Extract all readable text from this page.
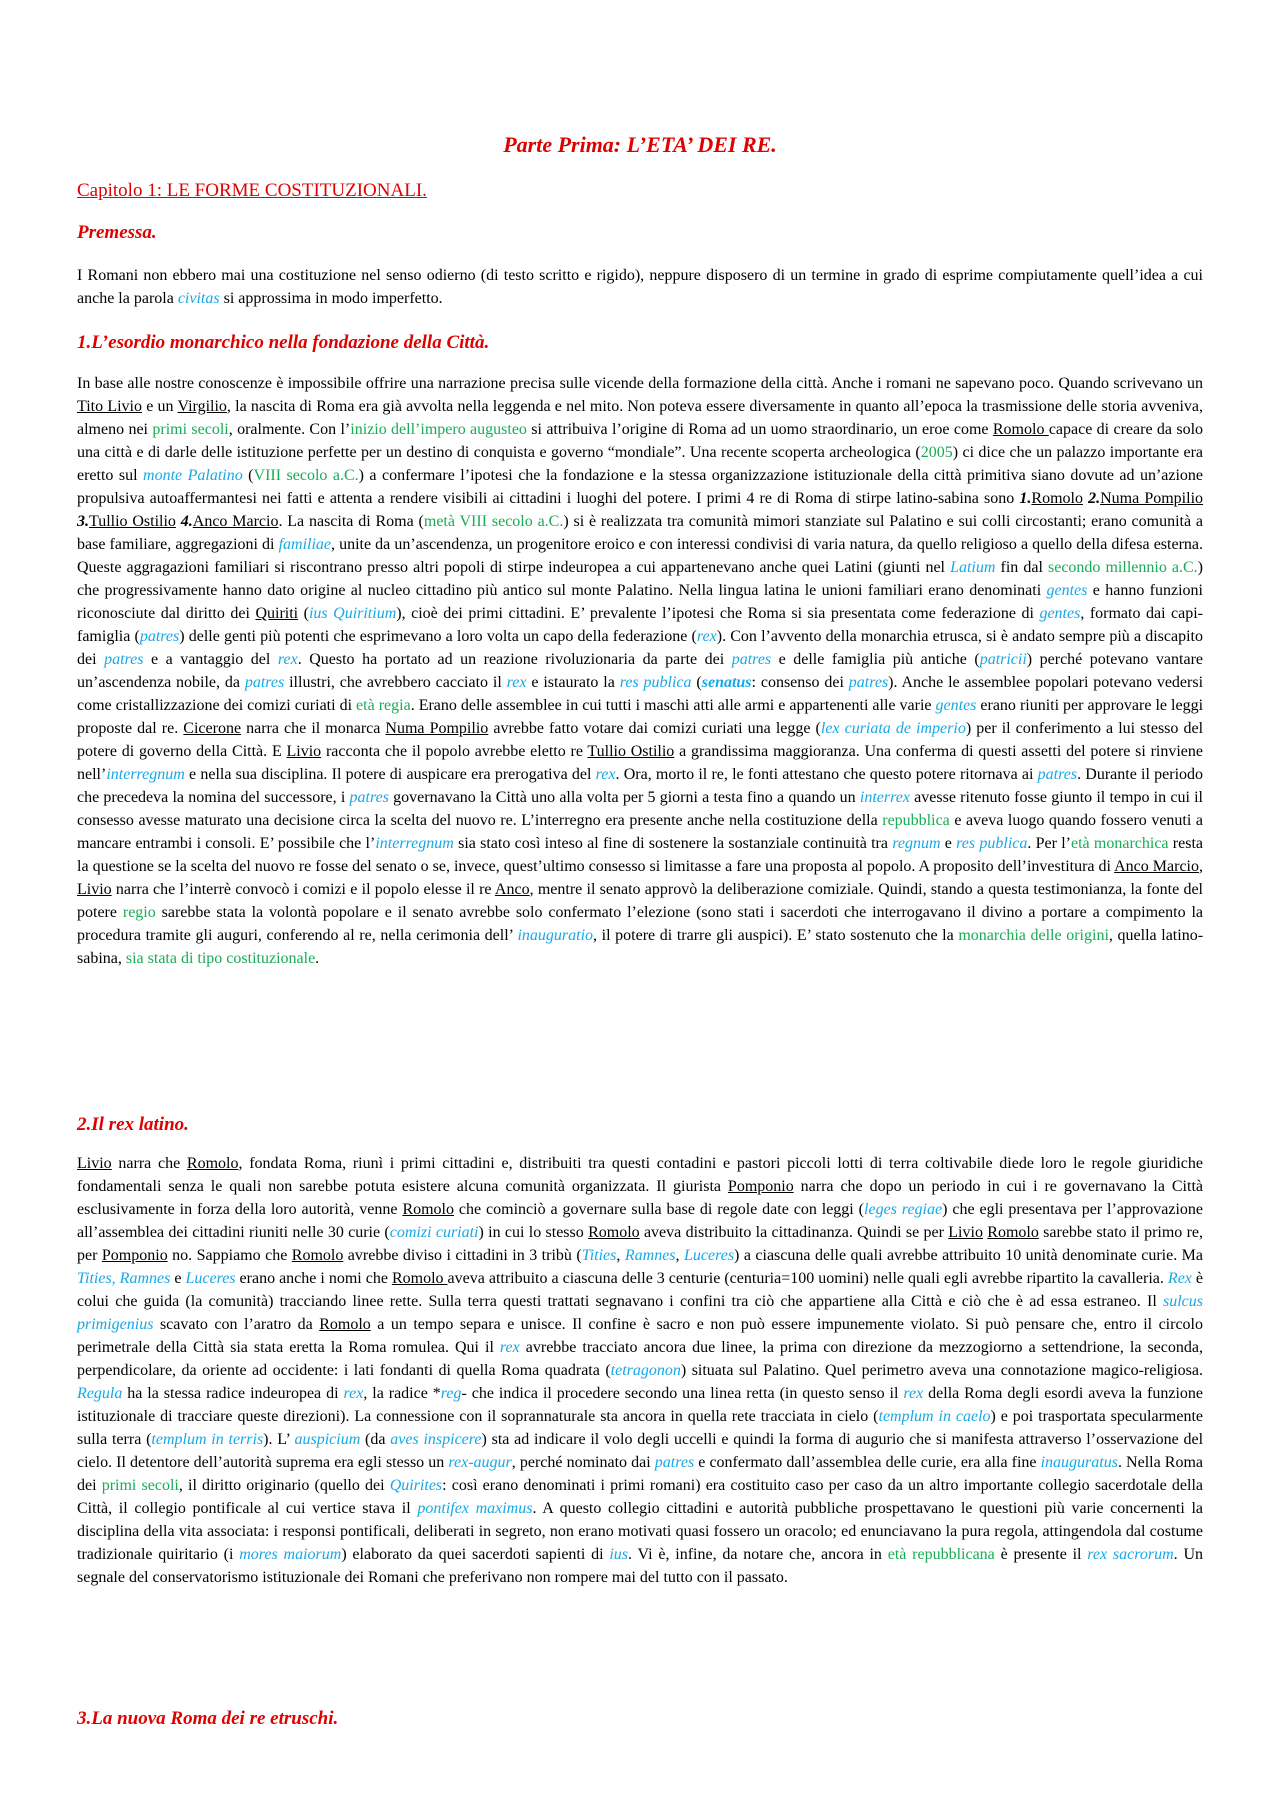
Parte Prima: L’ETA’ DEI RE.
Capitolo 1: LE FORME COSTITUZIONALI.
Premessa.
I Romani non ebbero mai una costituzione nel senso odierno (di testo scritto e rigido), neppure disposero di un termine in grado di esprime compiutamente quell’idea a cui anche la parola civitas si approssima in modo imperfetto.
1.L’esordio monarchico nella fondazione della Città.
In base alle nostre conoscenze è impossibile offrire una narrazione precisa sulle vicende della formazione della città. Anche i romani ne sapevano poco. Quando scrivevano un Tito Livio e un Virgilio, la nascita di Roma era già avvolta nella leggenda e nel mito. Non poteva essere diversamente in quanto all’epoca la trasmissione delle storia avveniva, almeno nei primi secoli, oralmente. Con l’inizio dell’impero augusteo si attribuiva l’origine di Roma ad un uomo straordinario, un eroe come Romolo capace di creare da solo una città e di darle delle istituzione perfette per un destino di conquista e governo “mondiale”. Una recente scoperta archeologica (2005) ci dice che un palazzo importante era eretto sul monte Palatino (VIII secolo a.C.) a confermare l’ipotesi che la fondazione e la stessa organizzazione istituzionale della città primitiva siano dovute ad un’azione propulsiva autoaffermantesi nei fatti e attenta a rendere visibili ai cittadini i luoghi del potere. I primi 4 re di Roma di stirpe latino-sabina sono 1.Romolo 2.Numa Pompilio 3.Tullio Ostilio 4.Anco Marcio. La nascita di Roma (metà VIII secolo a.C.) si è realizzata tra comunità mimori stanziate sul Palatino e sui colli circostanti; erano comunità a base familiare, aggregazioni di familiae, unite da un’ascendenza, un progenitore eroico e con interessi condivisi di varia natura, da quello religioso a quello della difesa esterna. Queste aggragazioni familiari si riscontrano presso altri popoli di stirpe indeuropea a cui appartenevano anche quei Latini (giunti nel Latium fin dal secondo millennio a.C.) che progressivamente hanno dato origine al nucleo cittadino più antico sul monte Palatino. Nella lingua latina le unioni familiari erano denominati gentes e hanno funzioni riconosciute dal diritto dei Quiriti (ius Quiritium), cioè dei primi cittadini. E’ prevalente l’ipotesi che Roma si sia presentata come federazione di gentes, formato dai capi-famiglia (patres) delle genti più potenti che esprimevano a loro volta un capo della federazione (rex). Con l’avvento della monarchia etrusca, si è andato sempre più a discapito dei patres e a vantaggio del rex. Questo ha portato ad un reazione rivoluzionaria da parte dei patres e delle famiglia più antiche (patricii) perché potevano vantare un’ascendenza nobile, da patres illustri, che avrebbero cacciato il rex e istaurato la res publica (senatus: consenso dei patres). Anche le assemblee popolari potevano vedersi come cristallizzazione dei comizi curiati di età regia. Erano delle assemblee in cui tutti i maschi atti alle armi e appartenenti alle varie gentes erano riuniti per approvare le leggi proposte dal re. Cicerone narra che il monarca Numa Pompilio avrebbe fatto votare dai comizi curiati una legge (lex curiata de imperio) per il conferimento a lui stesso del potere di governo della Città. E Livio racconta che il popolo avrebbe eletto re Tullio Ostilio a grandissima maggioranza. Una conferma di questi assetti del potere si rinviene nell’interregnum e nella sua disciplina. Il potere di auspicare era prerogativa del rex. Ora, morto il re, le fonti attestano che questo potere ritornava ai patres. Durante il periodo che precedeva la nomina del successore, i patres governavano la Città uno alla volta per 5 giorni a testa fino a quando un interrex avesse ritenuto fosse giunto il tempo in cui il consesso avesse maturato una decisione circa la scelta del nuovo re. L’interregno era presente anche nella costituzione della repubblica e aveva luogo quando fossero venuti a mancare entrambi i consoli. E’ possibile che l’interregnum sia stato così inteso al fine di sostenere la sostanziale continuità tra regnum e res publica. Per l’età monarchica resta la questione se la scelta del nuovo re fosse del senato o se, invece, quest’ultimo consesso si limitasse a fare una proposta al popolo. A proposito dell’investitura di Anco Marcio, Livio narra che l’interrè convocò i comizi e il popolo elesse il re Anco, mentre il senato approvò la deliberazione comiziale. Quindi, stando a questa testimonianza, la fonte del potere regio sarebbe stata la volontà popolare e il senato avrebbe solo confermato l’elezione (sono stati i sacerdoti che interrogavano il divino a portare a compimento la procedura tramite gli auguri, conferendo al re, nella cerimonia dell’ inauguratio, il potere di trarre gli auspici). E’ stato sostenuto che la monarchia delle origini, quella latino-sabina, sia stata di tipo costituzionale.
2.Il rex latino.
Livio narra che Romolo, fondata Roma, riunì i primi cittadini e, distribuiti tra questi contadini e pastori piccoli lotti di terra coltivabile diede loro le regole giuridiche fondamentali senza le quali non sarebbe potuta esistere alcuna comunità organizzata. Il giurista Pomponio narra che dopo un periodo in cui i re governavano la Città esclusivamente in forza della loro autorità, venne Romolo che cominciò a governare sulla base di regole date con leggi (leges regiae) che egli presentava per l’approvazione all’assemblea dei cittadini riuniti nelle 30 curie (comizi curiati) in cui lo stesso Romolo aveva distribuito la cittadinanza. Quindi se per Livio Romolo sarebbe stato il primo re, per Pomponio no. Sappiamo che Romolo avrebbe diviso i cittadini in 3 tribù (Tities, Ramnes, Luceres) a ciascuna delle quali avrebbe attribuito 10 unità denominate curie. Ma Tities, Ramnes e Luceres erano anche i nomi che Romolo aveva attribuito a ciascuna delle 3 centurie (centuria=100 uomini) nelle quali egli avrebbe ripartito la cavalleria. Rex è colui che guida (la comunità) tracciando linee rette. Sulla terra questi trattati segnavano i confini tra ciò che appartiene alla Città e ciò che è ad essa estraneo. Il sulcus primigenius scavato con l’aratro da Romolo a un tempo separa e unisce. Il confine è sacro e non può essere impunemente violato. Si può pensare che, entro il circolo perimetrale della Città sia stata eretta la Roma romulea. Qui il rex avrebbe tracciato ancora due linee, la prima con direzione da mezzogiorno a settendrione, la seconda, perpendicolare, da oriente ad occidente: i lati fondanti di quella Roma quadrata (tetragonon) situata sul Palatino. Quel perimetro aveva una connotazione magico-religiosa. Regula ha la stessa radice indeuropea di rex, la radice *reg- che indica il procedere secondo una linea retta (in questo senso il rex della Roma degli esordi aveva la funzione istituzionale di tracciare queste direzioni). La connessione con il soprannaturale sta ancora in quella rete tracciata in cielo (templum in caelo) e poi trasportata specularmente sulla terra (templum in terris). L’ auspicium (da aves inspicere) sta ad indicare il volo degli uccelli e quindi la forma di augurio che si manifesta attraverso l’osservazione del cielo. Il detentore dell’autorità suprema era egli stesso un rex-augur, perché nominato dai patres e confermato dall’assemblea delle curie, era alla fine inauguratus. Nella Roma dei primi secoli, il diritto originario (quello dei Quirites: così erano denominati i primi romani) era costituito caso per caso da un altro importante collegio sacerdotale della Città, il collegio pontificale al cui vertice stava il pontifex maximus. A questo collegio cittadini e autorità pubbliche prospettavano le questioni più varie concernenti la disciplina della vita associata: i responsi pontificali, deliberati in segreto, non erano motivati quasi fossero un oracolo; ed enunciavano la pura regola, attingendola dal costume tradizionale quiritario (i mores maiorum) elaborato da quei sacerdoti sapienti di ius. Vi è, infine, da notare che, ancora in età repubblicana è presente il rex sacrorum. Un segnale del conservatorismo istituzionale dei Romani che preferivano non rompere mai del tutto con il passato.
3.La nuova Roma dei re etruschi.
